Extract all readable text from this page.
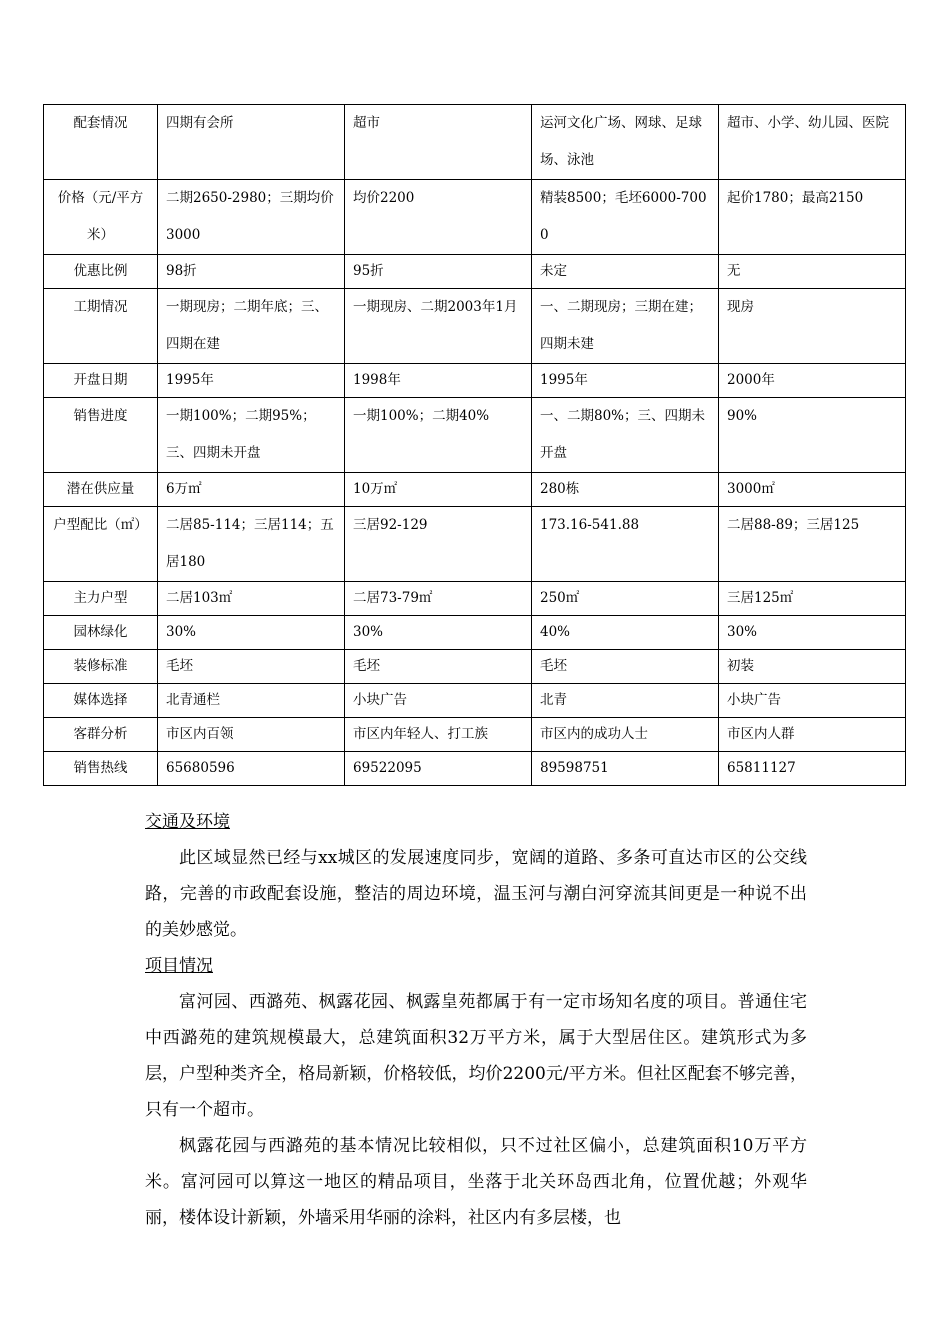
配套情况	四期有会所	超市	运河文化广场、网球、足球场、泳池	超市、小学、幼儿园、医院
价格（元/平方米）	二期2650-2980；三期均价3000	均价2200	精装8500；毛坯6000-7000	起价1780；最高2150
优惠比例	98折	95折	未定	无
工期情况	一期现房；二期年底；三、四期在建	一期现房、二期2003年1月	一、二期现房；三期在建；四期未建	现房
开盘日期	1995年	1998年	1995年	2000年
销售进度	一期100%；二期95%；三、四期未开盘	一期100%；二期40%	一、二期80%；三、四期未开盘	90%
潜在供应量	6万㎡	10万㎡	280栋	3000㎡
户型配比（㎡）	二居85-114；三居114；五居180	三居92-129	173.16-541.88	二居88-89；三居125
主力户型	二居103㎡	二居73-79㎡	250㎡	三居125㎡
园林绿化	30%	30%	40%	30%
装修标准	毛坯	毛坯	毛坯	初装
媒体选择	北青通栏	小块广告	北青	小块广告
客群分析	市区内百领	市区内年轻人、打工族	市区内的成功人士	市区内人群
销售热线	65680596	69522095	89598751	65811127
交通及环境

此区域显然已经与xx城区的发展速度同步，宽阔的道路、多条可直达市区的公交线路，完善的市政配套设施，整洁的周边环境，温玉河与潮白河穿流其间更是一种说不出的美妙感觉。

项目情况

富河园、西潞苑、枫露花园、枫露皇苑都属于有一定市场知名度的项目。普通住宅中西潞苑的建筑规模最大，总建筑面积32万平方米，属于大型居住区。建筑形式为多层，户型种类齐全，格局新颖，价格较低，均价2200元/平方米。但社区配套不够完善，只有一个超市。

枫露花园与西潞苑的基本情况比较相似，只不过社区偏小，总建筑面积10万平方米。富河园可以算这一地区的精品项目，坐落于北关环岛西北角，位置优越；外观华丽，楼体设计新颖，外墙采用华丽的涂料，社区内有多层楼，也
